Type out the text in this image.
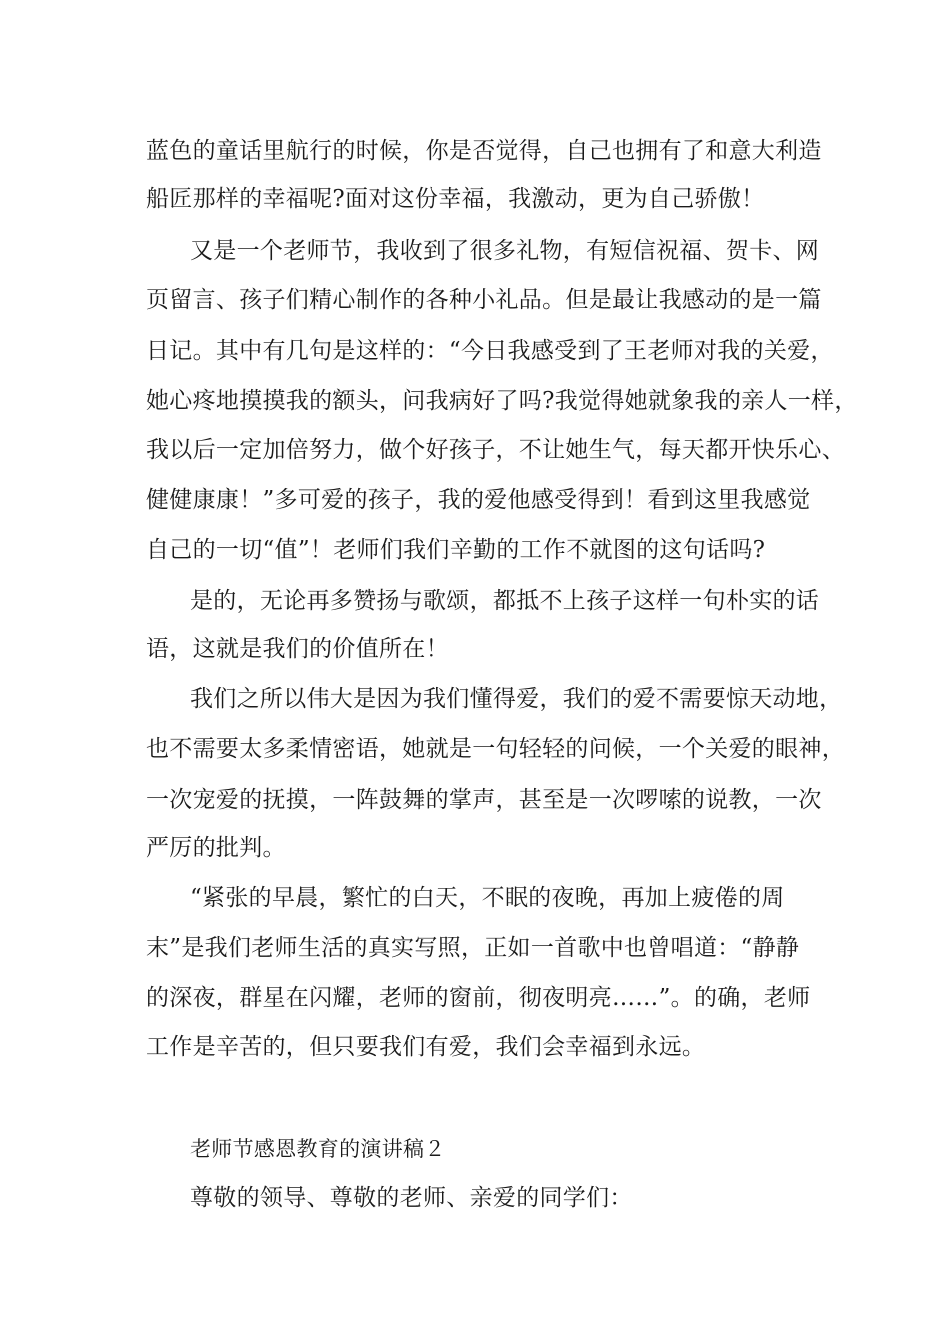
蓝色的童话里航行的时候，你是否觉得，自己也拥有了和意大利造
船匠那样的幸福呢?面对这份幸福，我激动，更为自己骄傲！
又是一个老师节，我收到了很多礼物，有短信祝福、贺卡、网
页留言、孩子们精心制作的各种小礼品。但是最让我感动的是一篇
日记。其中有几句是这样的：“今日我感受到了王老师对我的关爱，
她心疼地摸摸我的额头，问我病好了吗?我觉得她就象我的亲人一样，
我以后一定加倍努力，做个好孩子，不让她生气，每天都开快乐心、
健健康康！”多可爱的孩子，我的爱他感受得到！看到这里我感觉
自己的一切“值”！老师们我们辛勤的工作不就图的这句话吗?
是的，无论再多赞扬与歌颂，都抵不上孩子这样一句朴实的话
语，这就是我们的价值所在！
我们之所以伟大是因为我们懂得爱，我们的爱不需要惊天动地，
也不需要太多柔情密语，她就是一句轻轻的问候，一个关爱的眼神，
一次宠爱的抚摸，一阵鼓舞的掌声，甚至是一次啰嗦的说教，一次
严厉的批判。
“紧张的早晨，繁忙的白天，不眠的夜晚，再加上疲倦的周
末”是我们老师生活的真实写照，正如一首歌中也曾唱道：“静静
的深夜，群星在闪耀，老师的窗前，彻夜明亮……”。的确，老师
工作是辛苦的，但只要我们有爱，我们会幸福到永远。
老师节感恩教育的演讲稿２
尊敬的领导、尊敬的老师、亲爱的同学们：
